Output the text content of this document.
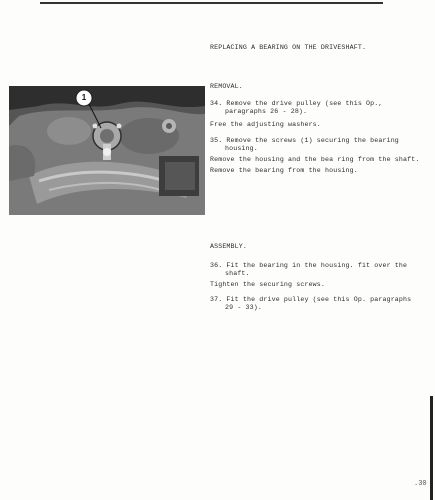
REPLACING A BEARING ON THE DRIVESHAFT.
1
REMOVAL.
34. Remove the drive pulley (see this Op.,
paragraphs 26 - 28).
Free the adjusting washers.
35. Remove the screws (1) securing the bearing
housing.
Remove the housing and the bea ring from the shaft.
Remove the bearing from the housing.
ASSEMBLY.
36. Fit the bearing in the housing. fit over the
shaft.
Tighten the securing screws.
37. Fit the drive pulley (see this Op. paragraphs
29 - 33).
.30
